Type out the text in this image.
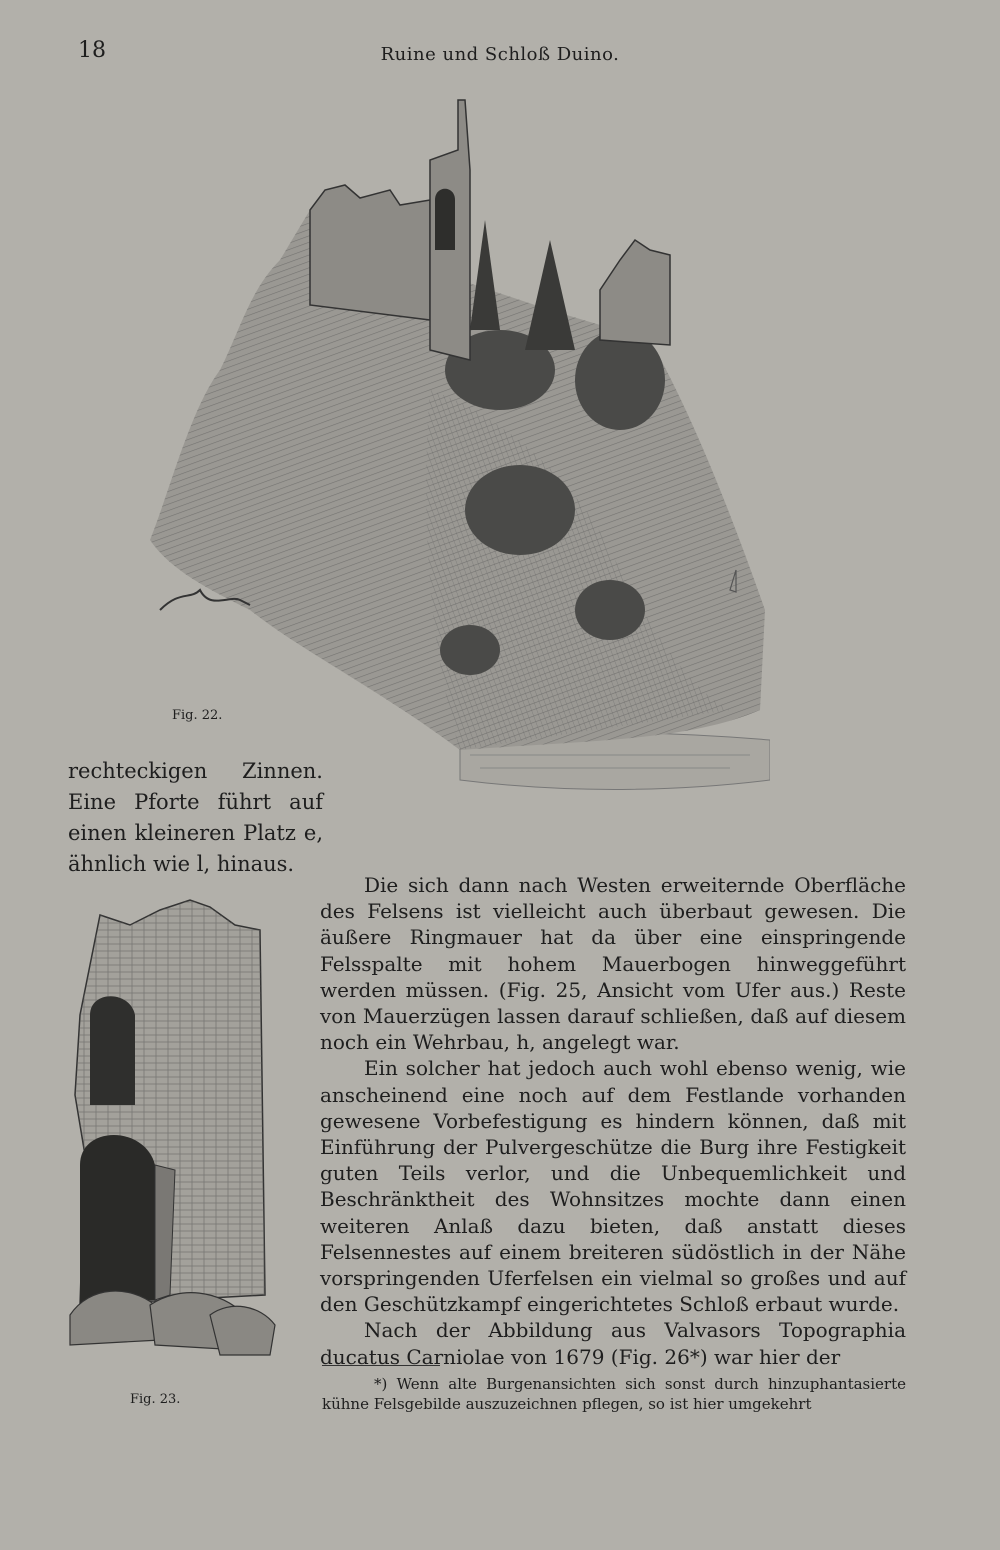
18	Ruine und Schloß Duino.
Fig. 22.
rechteckigen Zinnen. Eine Pforte führt auf einen kleineren Platz e, ähnlich wie l, hinaus.
Fig. 23.

Die sich dann nach Westen erweiternde Oberfläche des Felsens ist vielleicht auch überbaut gewesen. Die äußere Ringmauer hat da über eine einspringende Felsspalte mit hohem Mauerbogen hinweggeführt werden müssen. (Fig. 25, Ansicht vom Ufer aus.) Reste von Mauerzügen lassen darauf schließen, daß auf diesem noch ein Wehrbau, h, angelegt war.

Ein solcher hat jedoch auch wohl ebenso wenig, wie anscheinend eine noch auf dem Festlande vorhanden gewesene Vorbefestigung es hindern können, daß mit Einführung der Pulvergeschütze die Burg ihre Festigkeit guten Teils verlor, und die Unbequemlichkeit und Beschränktheit des Wohnsitzes mochte dann einen weiteren Anlaß dazu bieten, daß anstatt dieses Felsennestes auf einem breiteren südöstlich in der Nähe vorspringenden Uferfelsen ein vielmal so großes und auf den Geschützkampf eingerichtetes Schloß erbaut wurde.

Nach der Abbildung aus Valvasors Topographia ducatus Carniolae von 1679 (Fig. 26*) war hier der

*) Wenn alte Burgenansichten sich sonst durch hinzuphantasierte kühne Felsgebilde auszuzeichnen pflegen, so ist hier umgekehrt
